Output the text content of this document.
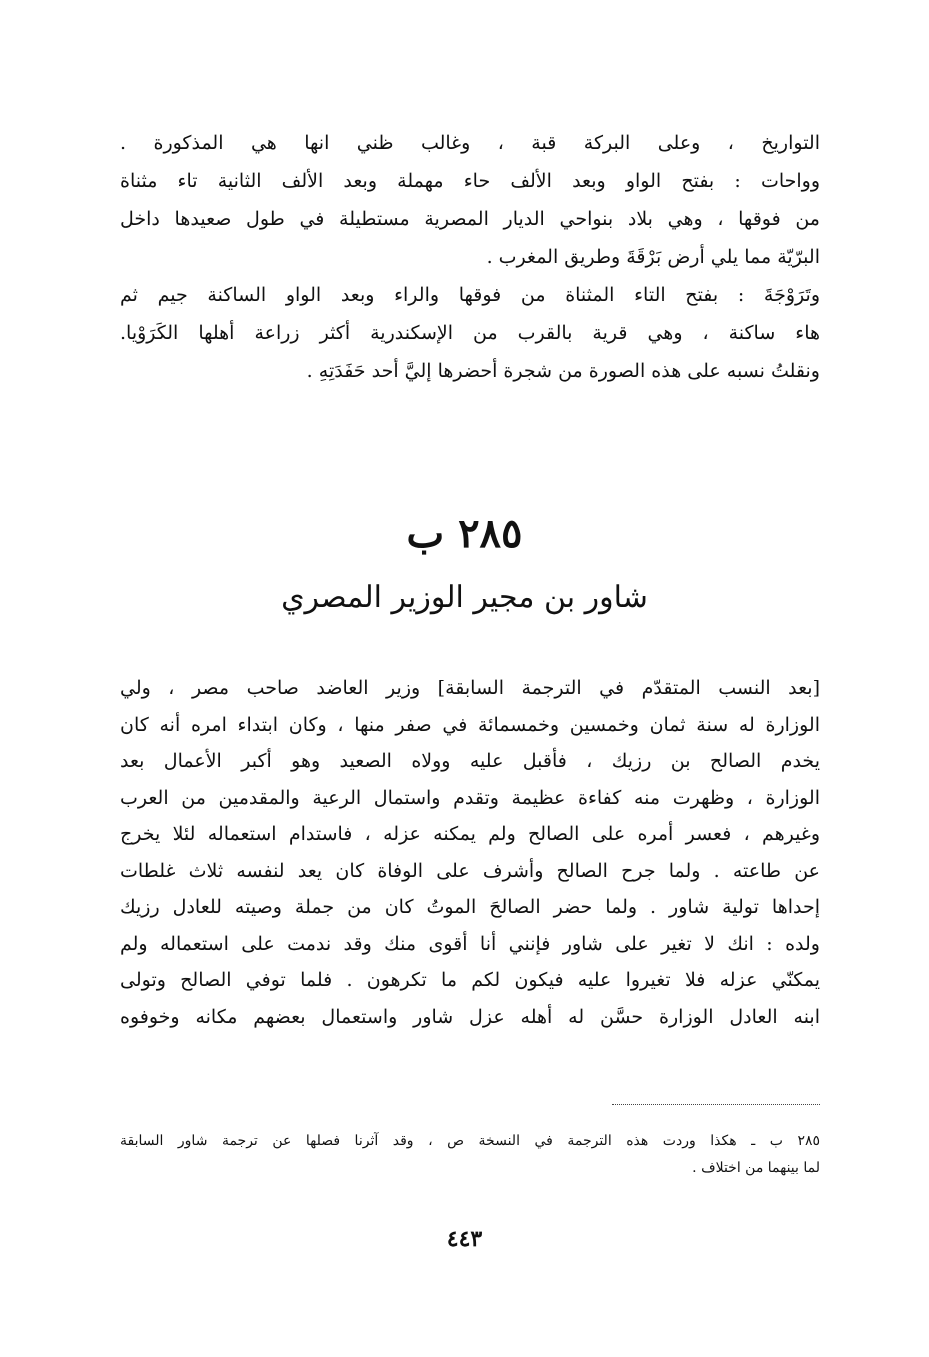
التواريخ ، وعلى البركة قبة ، وغالب ظني انها هي المذكورة .
وواحات : بفتح الواو وبعد الألف حاء مهملة وبعد الألف الثانية تاء مثناة
من فوقها ، وهي بلاد بنواحي الديار المصرية مستطيلة في طول صعيدها داخل
البرّيّة مما يلي أرض بَرْقَةَ وطريق المغرب .
وتَرَوْجَةَ : بفتح التاء المثناة من فوقها والراء وبعد الواو الساكنة جيم ثم
هاء ساكنة ، وهي قرية بالقرب من الإسكندرية أكثر زراعة أهلها الكَرَوْيا.
ونقلتُ نسبه على هذه الصورة من شجرة أحضرها إليَّ أحد حَفَدَتِهِ .
٢٨٥ ب
شاور بن مجير الوزير المصري
[بعد النسب المتقدّم في الترجمة السابقة] وزير العاضد صاحب مصر ، ولي
الوزارة له سنة ثمان وخمسين وخمسمائة في صفر منها ، وكان ابتداء امره أنه كان
يخدم الصالح بن رزيك ، فأقبل عليه وولاه الصعيد وهو أكبر الأعمال بعد
الوزارة ، وظهرت منه كفاءة عظيمة وتقدم واستمال الرعية والمقدمين من العرب
وغيرهم ، فعسر أمره على الصالح ولم يمكنه عزله ، فاستدام استعماله لئلا يخرج
عن طاعته . ولما جرح الصالح وأشرف على الوفاة كان يعد لنفسه ثلاث غلطات
إحداها تولية شاور . ولما حضر الصالحَ الموتُ كان من جملة وصيته للعادل رزيك
ولده : انك لا تغير على شاور فإنني أنا أقوى منك وقد ندمت على استعماله ولم
يمكنّي عزله فلا تغيروا عليه فيكون لكم ما تكرهون . فلما توفي الصالح وتولى
ابنه العادل الوزارة حسَّن له أهله عزل شاور واستعمال بعضهم مكانه وخوفوه
٢٨٥ ب ـ هكذا وردت هذه الترجمة في النسخة ص ، وقد آثرنا فصلها عن ترجمة شاور السابقة
لما بينهما من اختلاف .
٤٤٣
